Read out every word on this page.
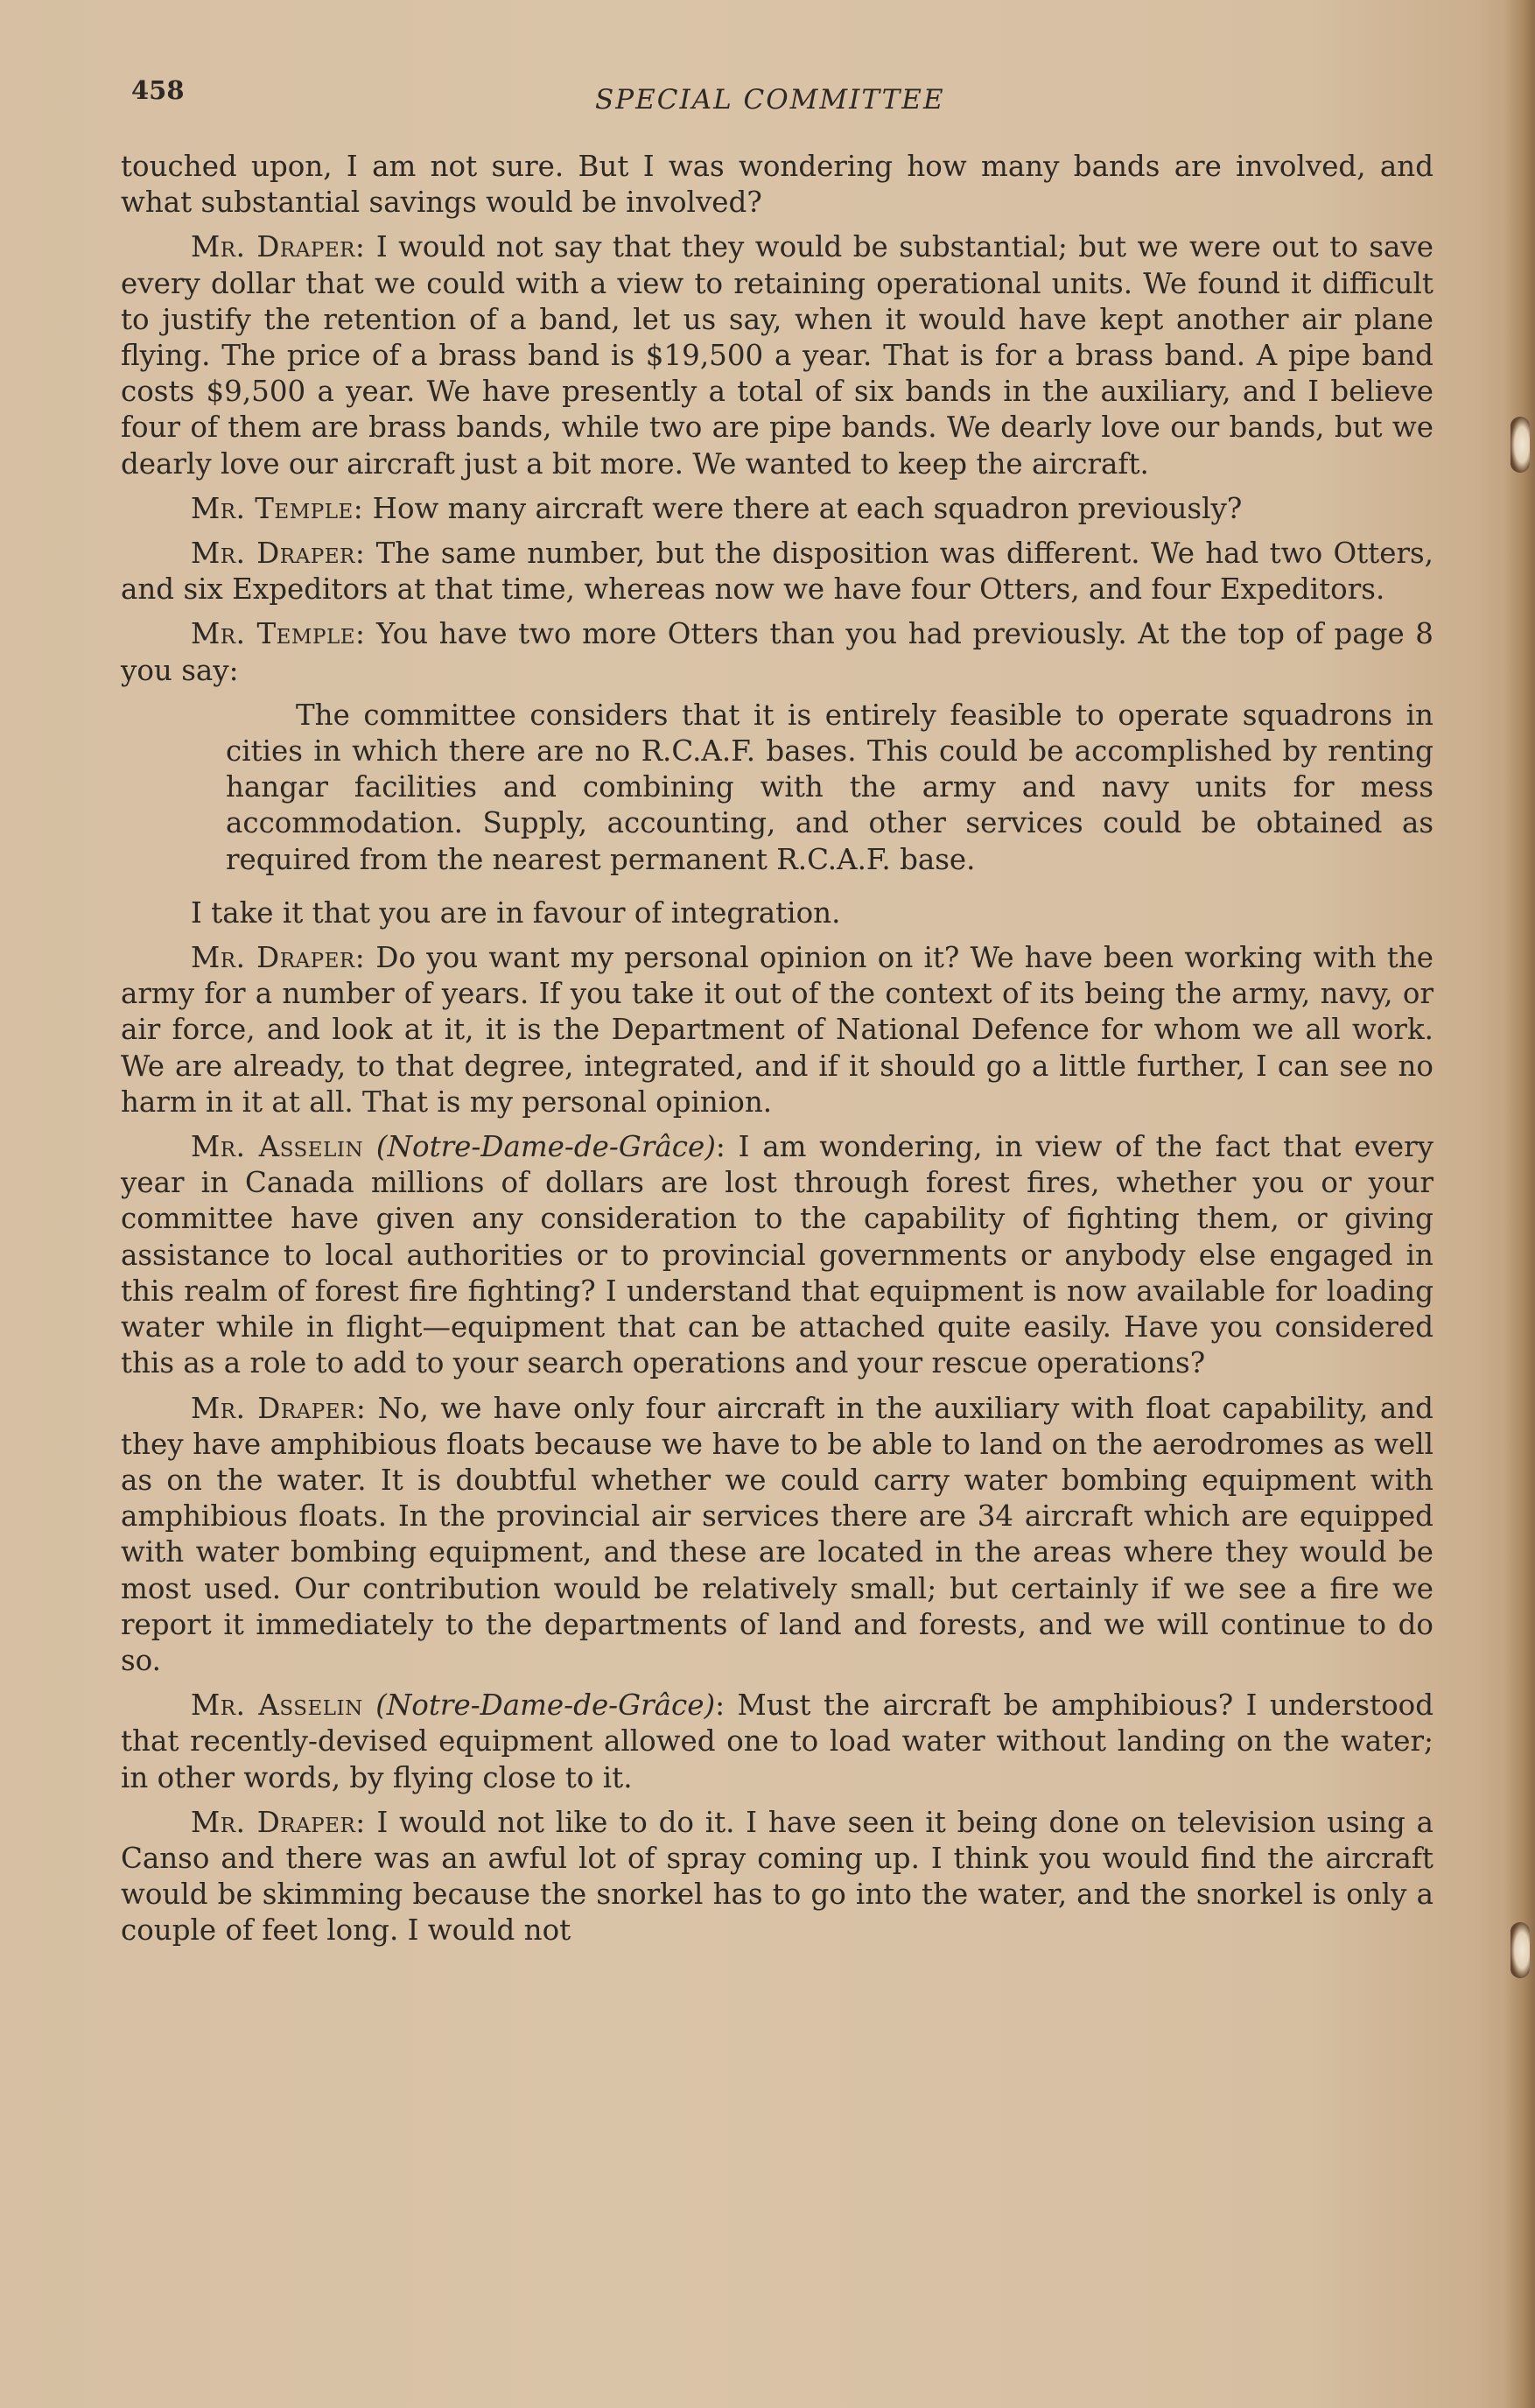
458	SPECIAL COMMITTEE

touched upon, I am not sure. But I was wondering how many bands are involved, and what substantial savings would be involved?

Mr. Draper: I would not say that they would be substantial; but we were out to save every dollar that we could with a view to retaining operational units. We found it difficult to justify the retention of a band, let us say, when it would have kept another air plane flying. The price of a brass band is $19,500 a year. That is for a brass band. A pipe band costs $9,500 a year. We have presently a total of six bands in the auxiliary, and I believe four of them are brass bands, while two are pipe bands. We dearly love our bands, but we dearly love our aircraft just a bit more. We wanted to keep the aircraft.

Mr. Temple: How many aircraft were there at each squadron previously?

Mr. Draper: The same number, but the disposition was different. We had two Otters, and six Expeditors at that time, whereas now we have four Otters, and four Expeditors.

Mr. Temple: You have two more Otters than you had previously. At the top of page 8 you say:

The committee considers that it is entirely feasible to operate squadrons in cities in which there are no R.C.A.F. bases. This could be accomplished by renting hangar facilities and combining with the army and navy units for mess accommodation. Supply, accounting, and other services could be obtained as required from the nearest permanent R.C.A.F. base.

I take it that you are in favour of integration.

Mr. Draper: Do you want my personal opinion on it? We have been working with the army for a number of years. If you take it out of the context of its being the army, navy, or air force, and look at it, it is the Department of National Defence for whom we all work. We are already, to that degree, integrated, and if it should go a little further, I can see no harm in it at all. That is my personal opinion.

Mr. Asselin (Notre-Dame-de-Grâce): I am wondering, in view of the fact that every year in Canada millions of dollars are lost through forest fires, whether you or your committee have given any consideration to the capability of fighting them, or giving assistance to local authorities or to provincial governments or anybody else engaged in this realm of forest fire fighting? I understand that equipment is now available for loading water while in flight—equipment that can be attached quite easily. Have you considered this as a role to add to your search operations and your rescue operations?

Mr. Draper: No, we have only four aircraft in the auxiliary with float capability, and they have amphibious floats because we have to be able to land on the aerodromes as well as on the water. It is doubtful whether we could carry water bombing equipment with amphibious floats. In the provincial air services there are 34 aircraft which are equipped with water bombing equipment, and these are located in the areas where they would be most used. Our contribution would be relatively small; but certainly if we see a fire we report it immediately to the departments of land and forests, and we will continue to do so.

Mr. Asselin (Notre-Dame-de-Grâce): Must the aircraft be amphibious? I understood that recently-devised equipment allowed one to load water without landing on the water; in other words, by flying close to it.

Mr. Draper: I would not like to do it. I have seen it being done on television using a Canso and there was an awful lot of spray coming up. I think you would find the aircraft would be skimming because the snorkel has to go into the water, and the snorkel is only a couple of feet long. I would not
